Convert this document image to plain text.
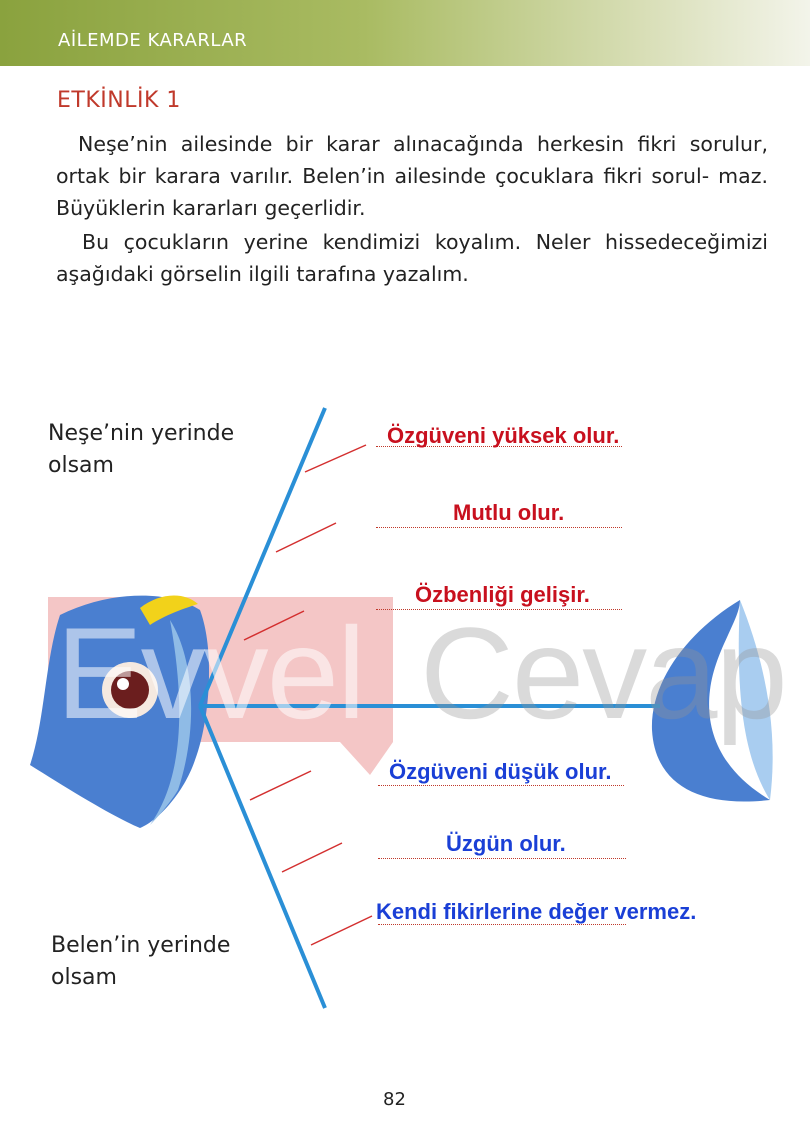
AİLEMDE KARARLAR
ETKİNLİK 1
Neşe’nin ailesinde bir karar alınacağında herkesin fikri sorulur, ortak bir karara varılır. Belen’in ailesinde çocuklara fikri sorul- maz. Büyüklerin kararları geçerlidir.
Bu çocukların yerine kendimizi koyalım. Neler hissedeceğimizi aşağıdaki görselin ilgili tarafına yazalım.
Evvel Cevap
Neşe’nin yerinde olsam
Belen’in yerinde olsam
Özgüveni yüksek olur.
Mutlu olur.
Özbenliği gelişir.
Özgüveni düşük olur.
Üzgün olur.
Kendi fikirlerine değer vermez.
82
